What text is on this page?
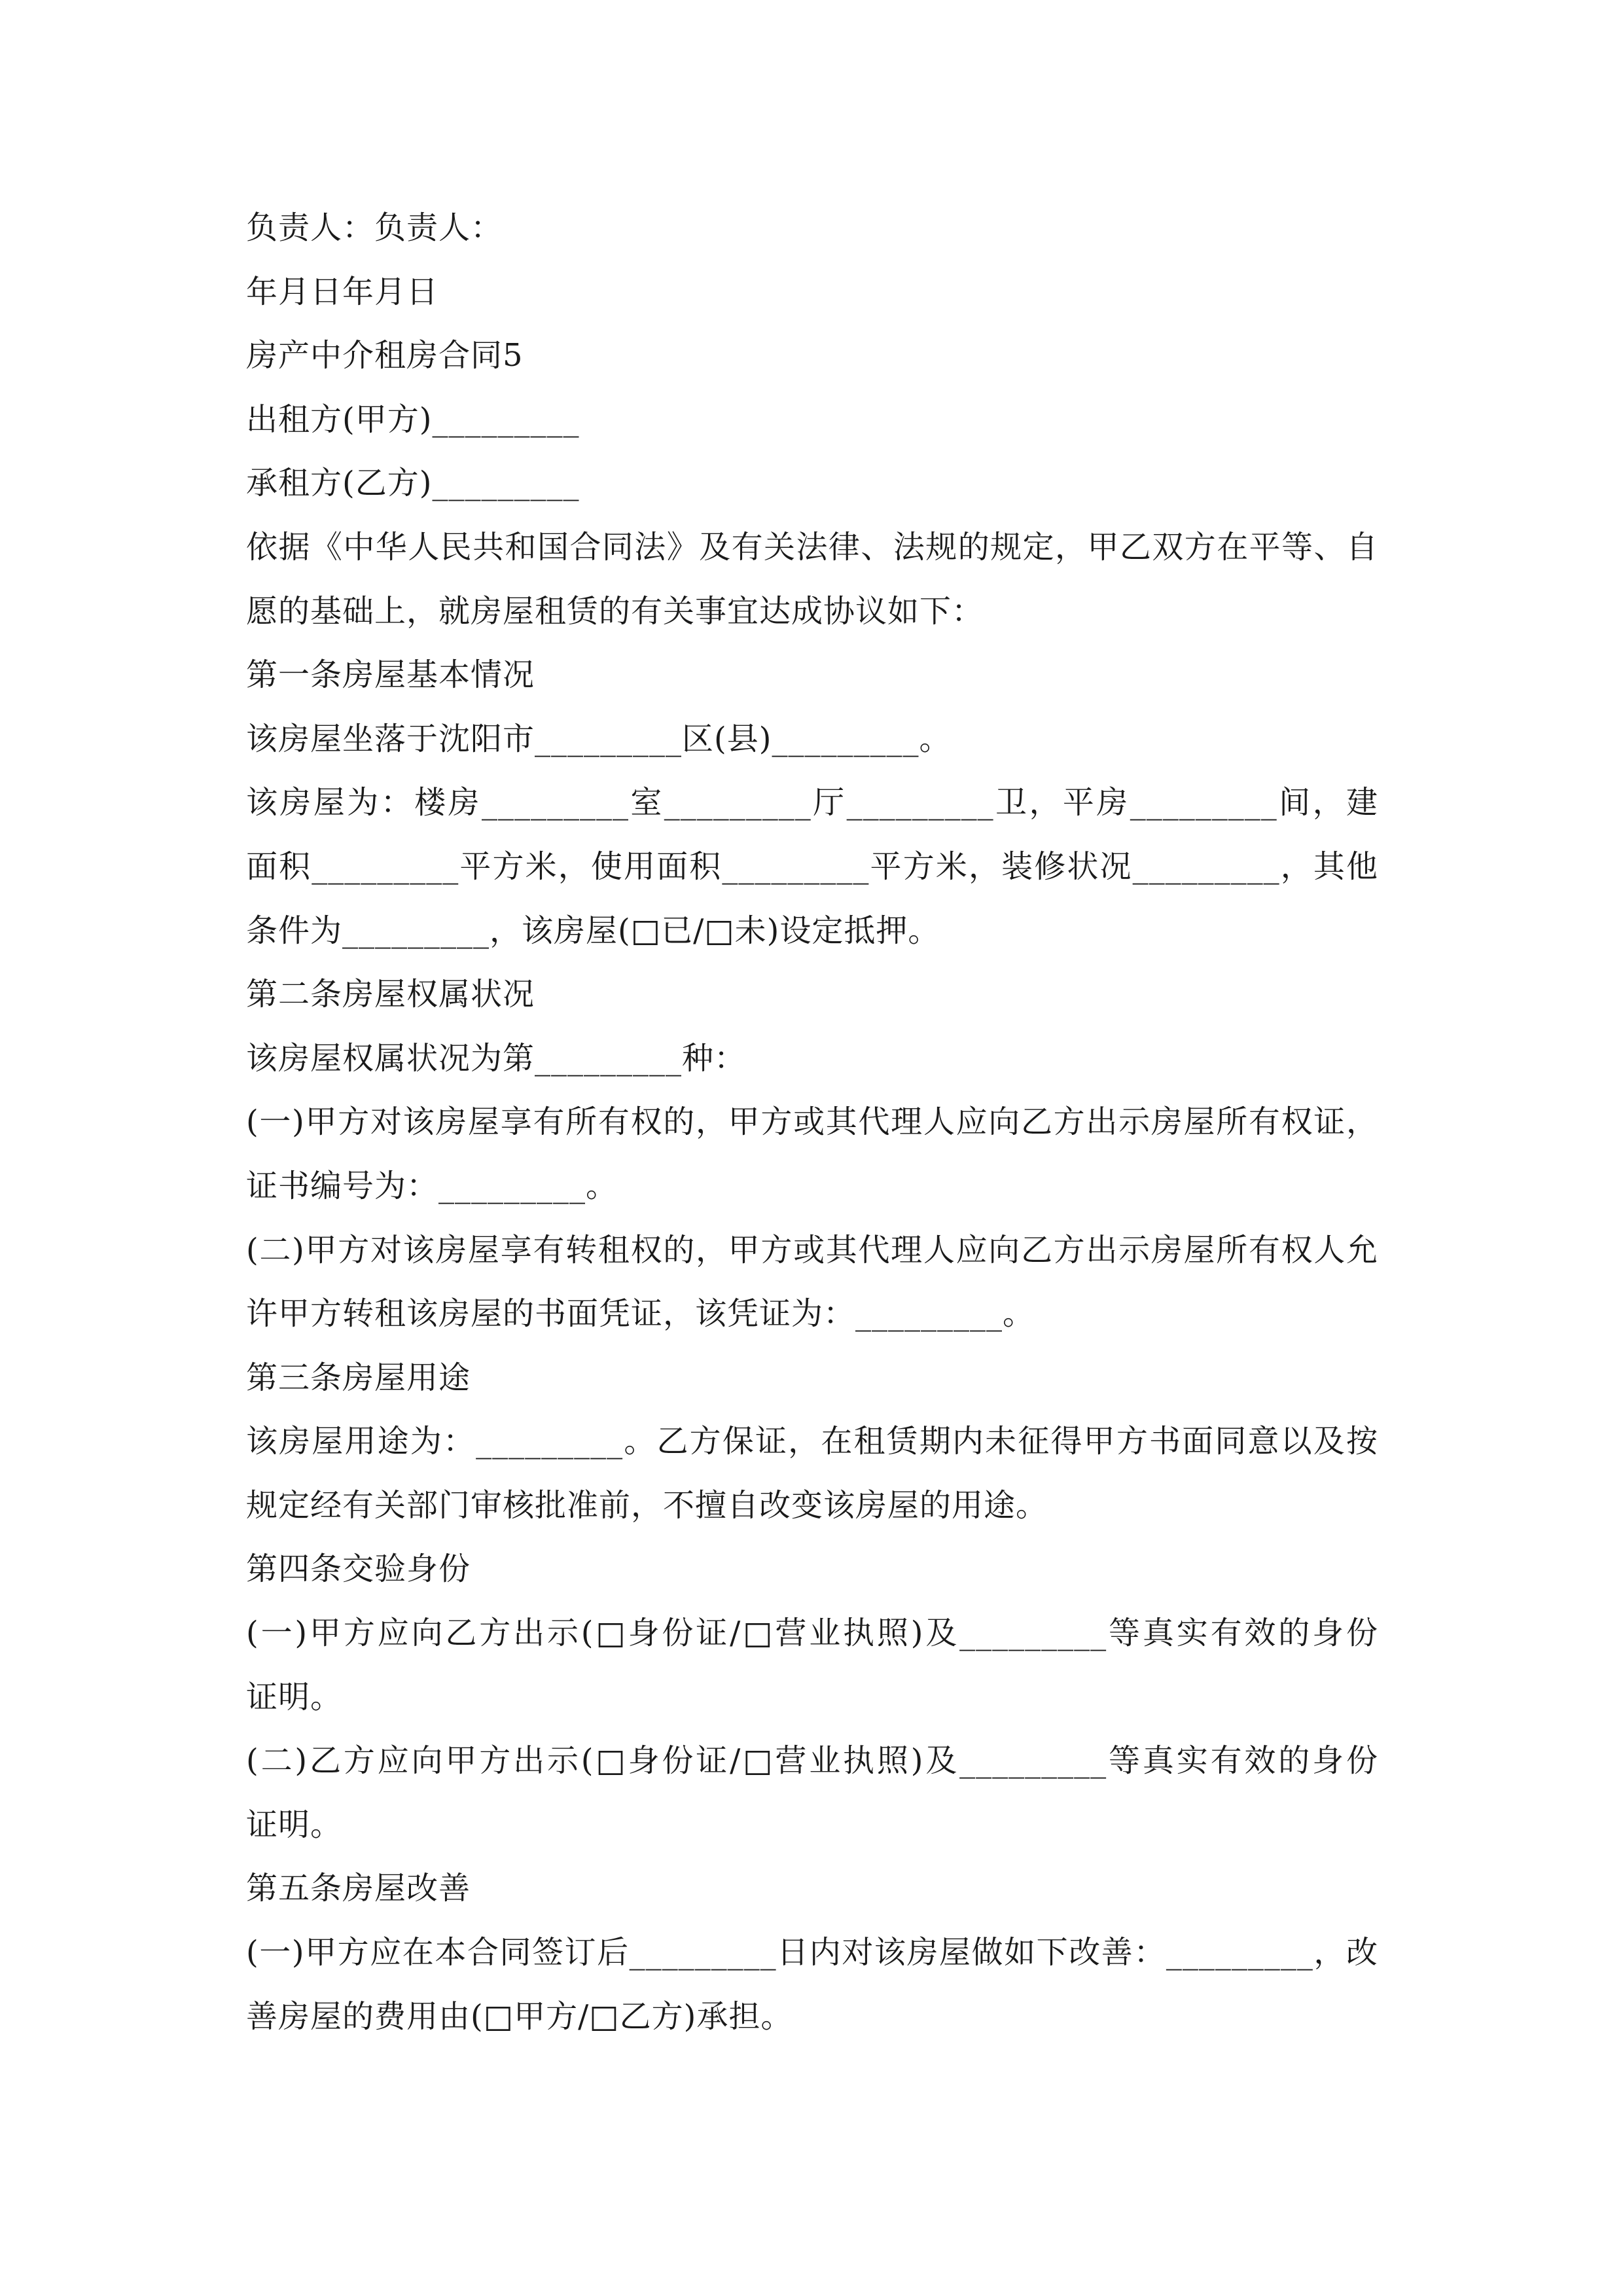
负责人：负责人：
年月日年月日
房产中介租房合同5
出租方(甲方)_________
承租方(乙方)_________
依据《中华人民共和国合同法》及有关法律、法规的规定，甲乙双方在平等、自
愿的基础上，就房屋租赁的有关事宜达成协议如下：
第一条房屋基本情况
该房屋坐落于沈阳市_________区(县)_________。
该房屋为：楼房_________室_________厅_________卫，平房_________间，建
面积_________平方米，使用面积_________平方米，装修状况_________，其他
条件为_________，该房屋(□已/□未)设定抵押。
第二条房屋权属状况
该房屋权属状况为第_________种：
(一)甲方对该房屋享有所有权的，甲方或其代理人应向乙方出示房屋所有权证，
证书编号为：_________。
(二)甲方对该房屋享有转租权的，甲方或其代理人应向乙方出示房屋所有权人允
许甲方转租该房屋的书面凭证，该凭证为：_________。
第三条房屋用途
该房屋用途为：_________。乙方保证，在租赁期内未征得甲方书面同意以及按
规定经有关部门审核批准前，不擅自改变该房屋的用途。
第四条交验身份
(一)甲方应向乙方出示(□身份证/□营业执照)及_________等真实有效的身份
证明。
(二)乙方应向甲方出示(□身份证/□营业执照)及_________等真实有效的身份
证明。
第五条房屋改善
(一)甲方应在本合同签订后_________日内对该房屋做如下改善：_________，改
善房屋的费用由(□甲方/□乙方)承担。
